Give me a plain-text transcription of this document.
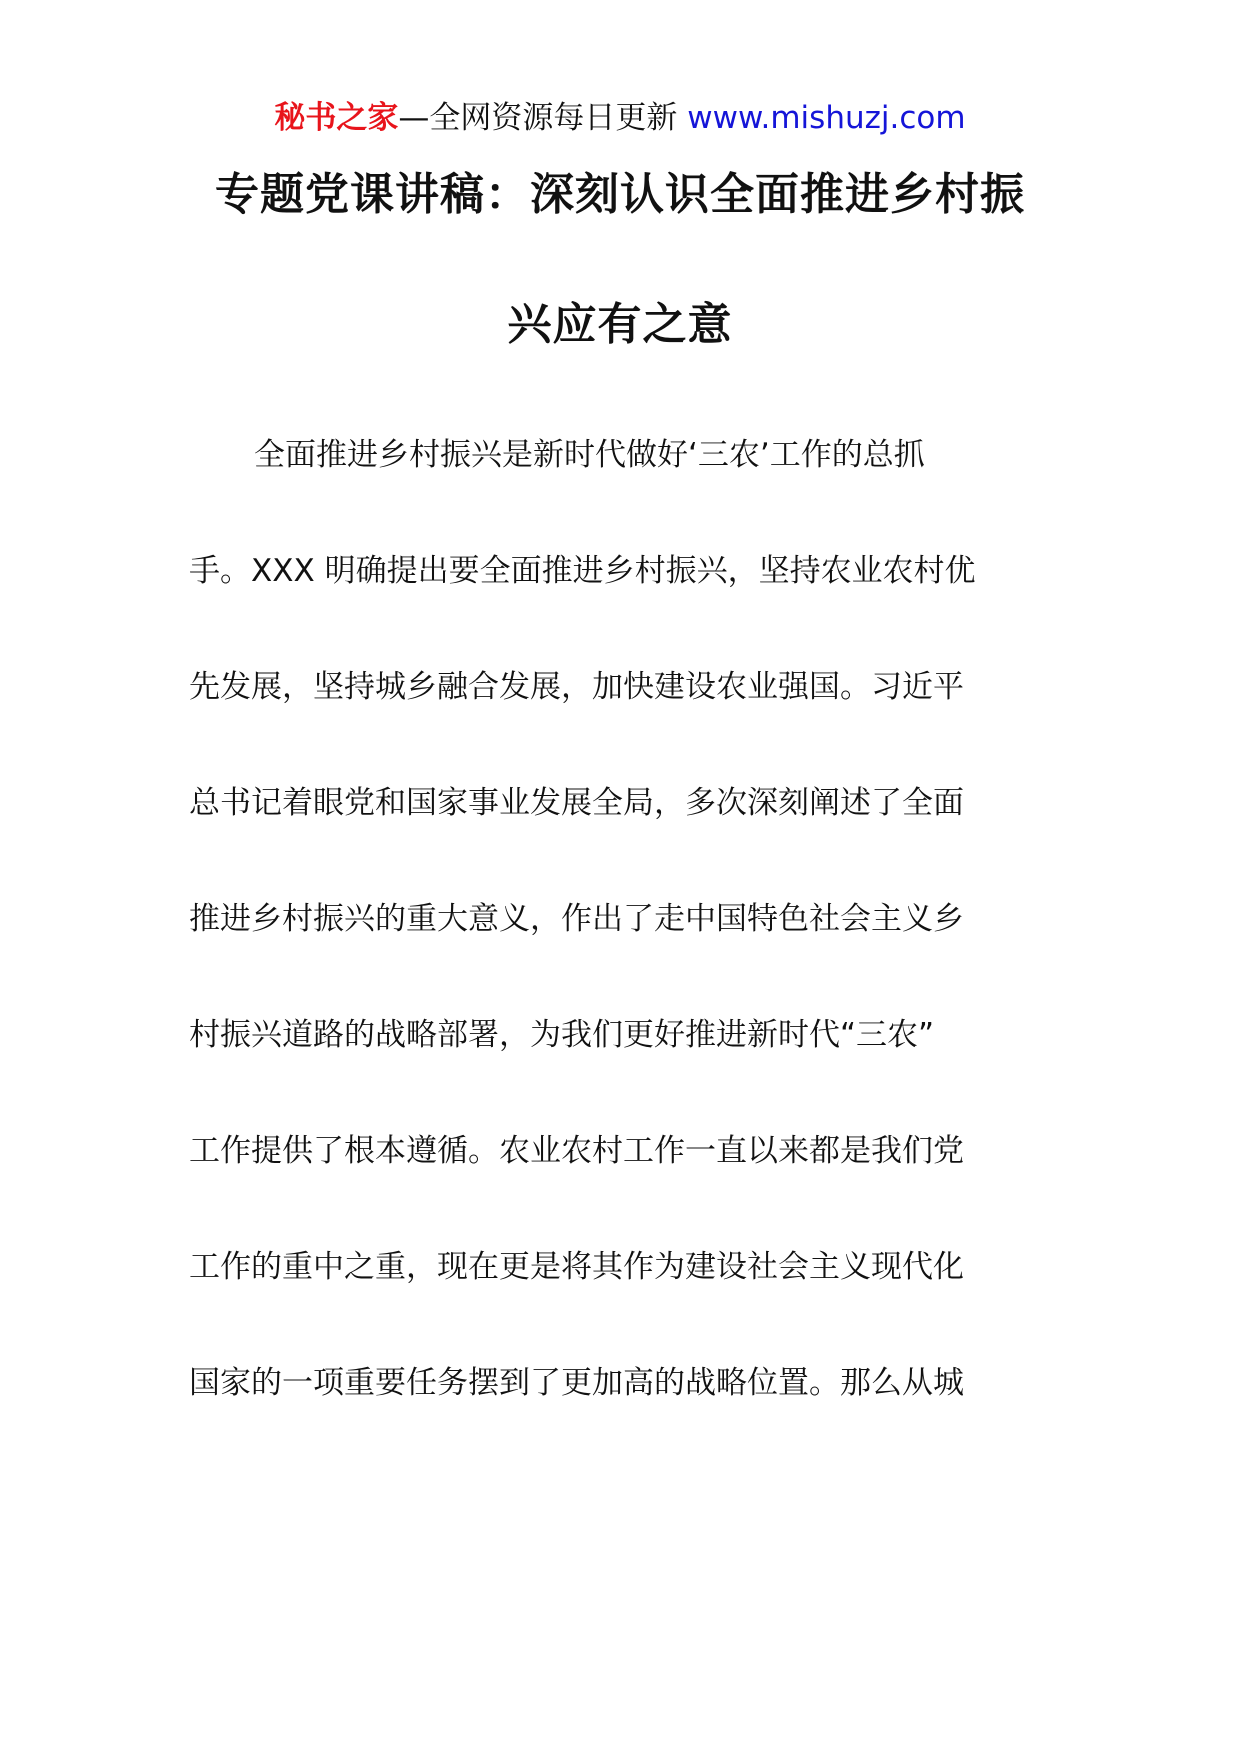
秘书之家—全网资源每日更新 www.mishuzj.com
专题党课讲稿：深刻认识全面推进乡村振
兴应有之意
全面推进乡村振兴是新时代做好‘三农’工作的总抓
手。XXX 明确提出要全面推进乡村振兴，坚持农业农村优
先发展，坚持城乡融合发展，加快建设农业强国。习近平
总书记着眼党和国家事业发展全局，多次深刻阐述了全面
推进乡村振兴的重大意义，作出了走中国特色社会主义乡
村振兴道路的战略部署，为我们更好推进新时代“三农”
工作提供了根本遵循。农业农村工作一直以来都是我们党
工作的重中之重，现在更是将其作为建设社会主义现代化
国家的一项重要任务摆到了更加高的战略位置。那么从城
